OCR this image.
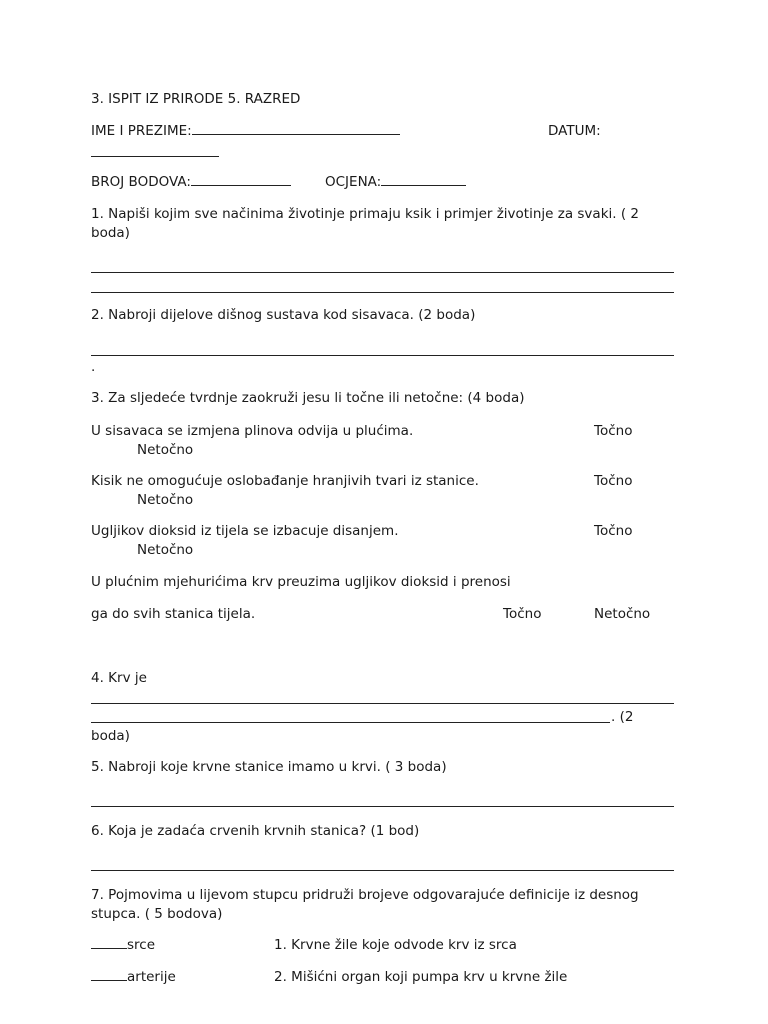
3. ISPIT IZ PRIRODE 5. RAZRED
IME I PREZIME:	DATUM:
BROJ BODOVA:	OCJENA:
1. Napiši kojim sve načinima životinje primaju ksik i primjer životinje za svaki. ( 2
boda)
2. Nabroji dijelove dišnog sustava kod sisavaca. (2 boda)
.
3. Za sljedeće tvrdnje zaokruži jesu li točne ili netočne: (4 boda)
U sisavaca se izmjena plinova odvija u plućima.	Točno
Netočno
Kisik ne omogućuje oslobađanje hranjivih tvari iz stanice.	Točno
Netočno
Ugljikov dioksid iz tijela se izbacuje disanjem.	Točno
Netočno
U plućnim mjehurićima krv preuzima ugljikov dioksid i prenosi
ga do svih stanica tijela.	Točno	Netočno
4. Krv je
. (2
boda)
5. Nabroji koje krvne stanice imamo u krvi. ( 3 boda)
6. Koja je zadaća crvenih krvnih stanica? (1 bod)
7. Pojmovima u lijevom stupcu pridruži brojeve odgovarajuće definicije iz desnog
stupca. ( 5 bodova)
srce	1. Krvne žile koje odvode krv iz srca
arterije	2. Mišićni organ koji pumpa krv u krvne žile
